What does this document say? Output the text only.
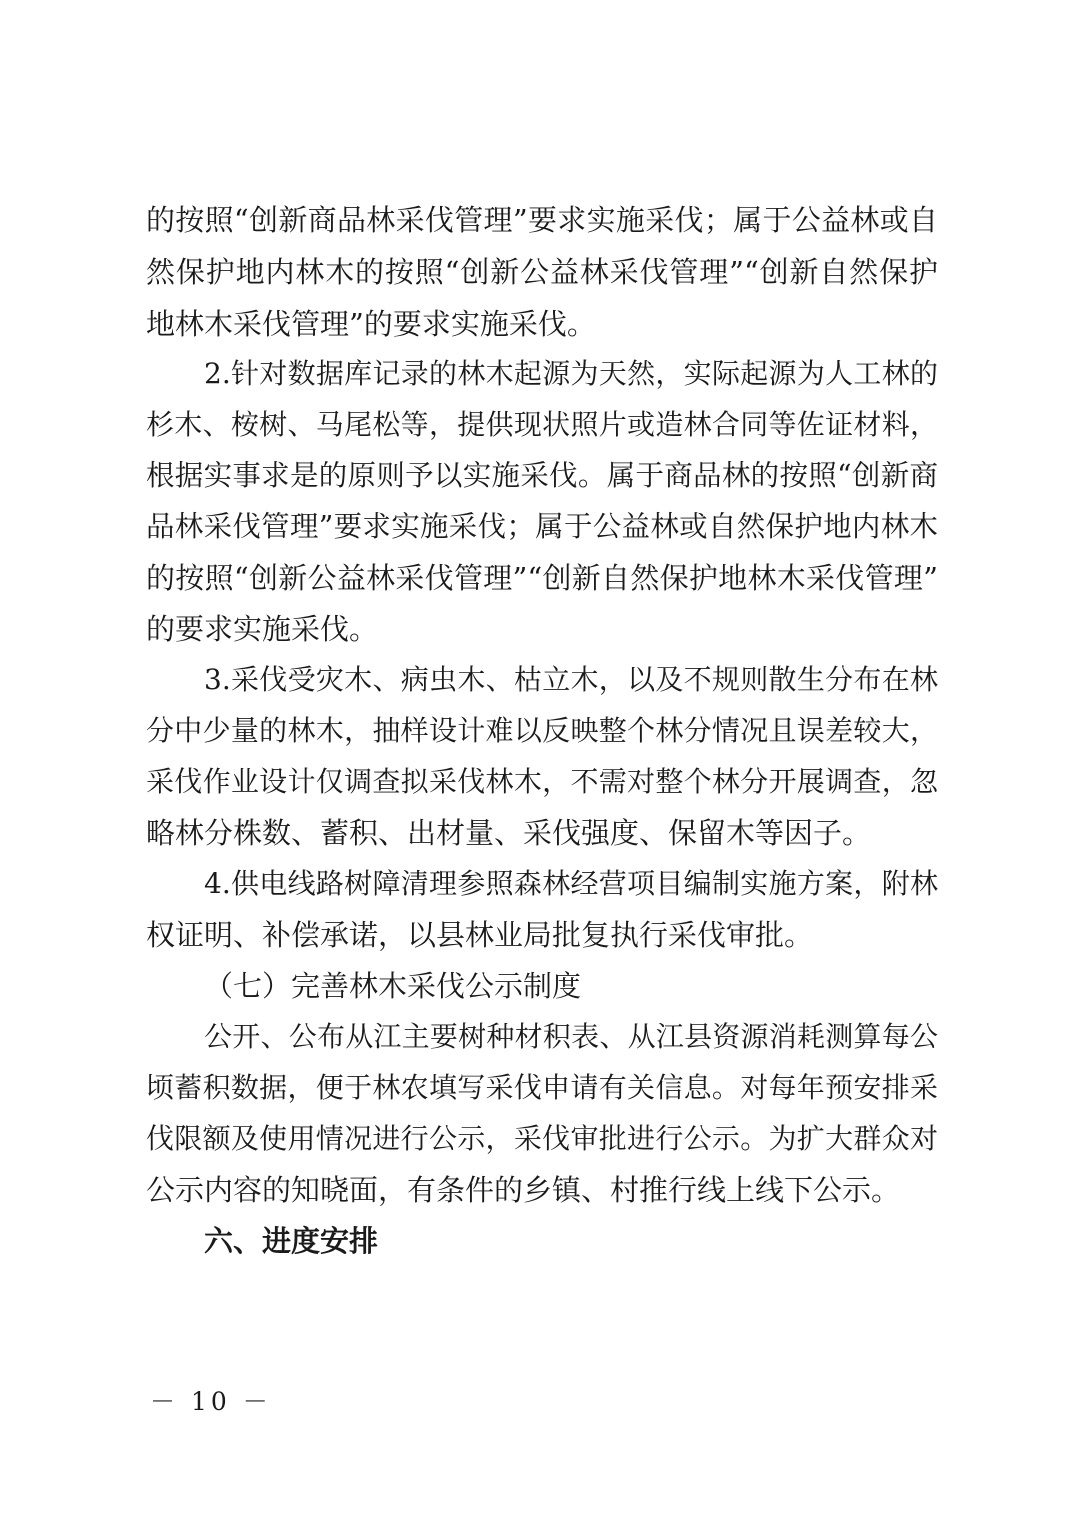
的按照“创新商品林采伐管理”要求实施采伐；属于公益林或自
然保护地内林木的按照“创新公益林采伐管理”“创新自然保护
地林木采伐管理”的要求实施采伐。
2.针对数据库记录的林木起源为天然，实际起源为人工林的
杉木、桉树、马尾松等，提供现状照片或造林合同等佐证材料，
根据实事求是的原则予以实施采伐。属于商品林的按照“创新商
品林采伐管理”要求实施采伐；属于公益林或自然保护地内林木
的按照“创新公益林采伐管理”“创新自然保护地林木采伐管理”
的要求实施采伐。
3.采伐受灾木、病虫木、枯立木，以及不规则散生分布在林
分中少量的林木，抽样设计难以反映整个林分情况且误差较大，
采伐作业设计仅调查拟采伐林木，不需对整个林分开展调查，忽
略林分株数、蓄积、出材量、采伐强度、保留木等因子。
4.供电线路树障清理参照森林经营项目编制实施方案，附林
权证明、补偿承诺，以县林业局批复执行采伐审批。
（七）完善林木采伐公示制度
公开、公布从江主要树种材积表、从江县资源消耗测算每公
顷蓄积数据，便于林农填写采伐申请有关信息。对每年预安排采
伐限额及使用情况进行公示，采伐审批进行公示。为扩大群众对
公示内容的知晓面，有条件的乡镇、村推行线上线下公示。
六、进度安排
－ 10 －
